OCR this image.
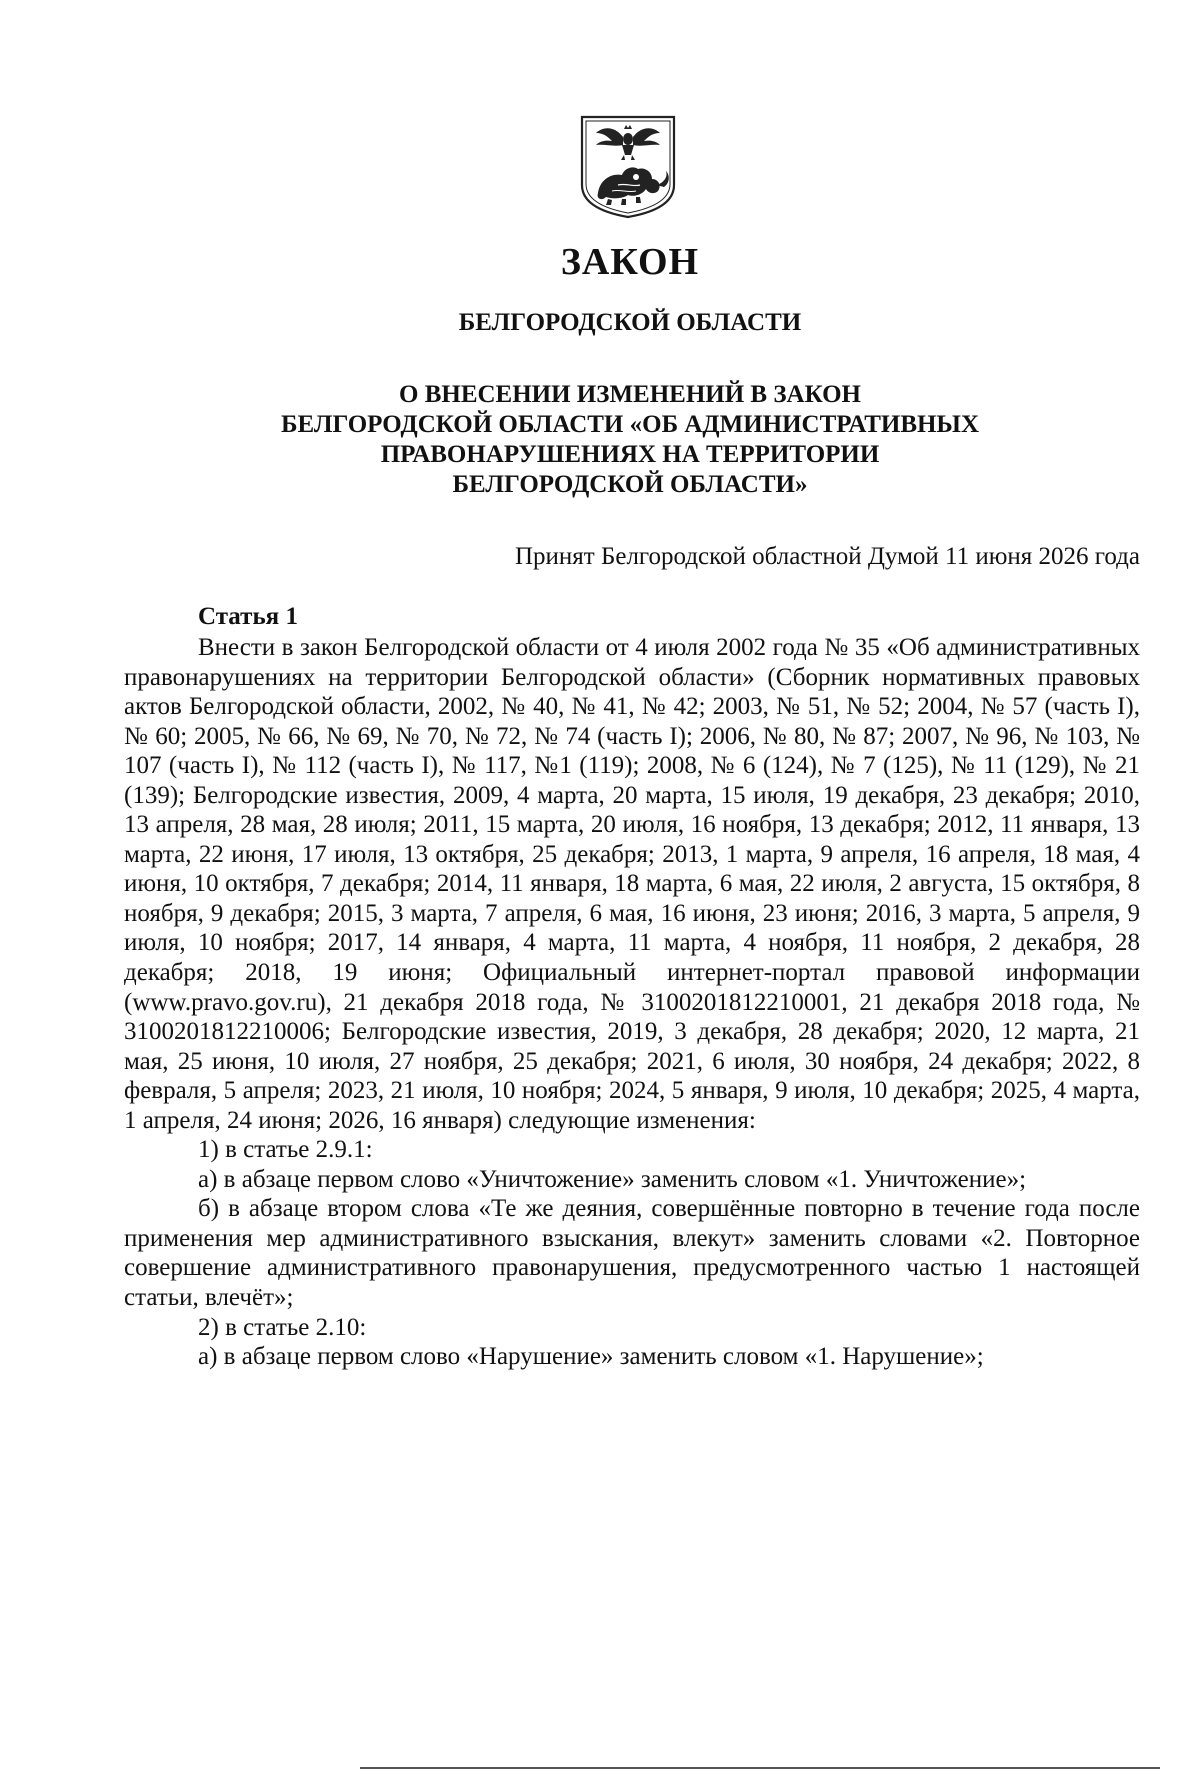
ЗАКОН
БЕЛГОРОДСКОЙ ОБЛАСТИ
О ВНЕСЕНИИ ИЗМЕНЕНИЙ В ЗАКОН
БЕЛГОРОДСКОЙ ОБЛАСТИ «ОБ АДМИНИСТРАТИВНЫХ
ПРАВОНАРУШЕНИЯХ НА ТЕРРИТОРИИ
БЕЛГОРОДСКОЙ ОБЛАСТИ»
Принят Белгородской областной Думой 11 июня 2026 года
Статья 1

Внести в закон Белгородской области от 4 июля 2002 года № 35 «Об административных правонарушениях на территории Белгородской области» (Сборник нормативных правовых актов Белгородской области, 2002, № 40, № 41, № 42; 2003, № 51, № 52; 2004, № 57 (часть I), № 60; 2005, № 66, № 69, № 70, № 72, № 74 (часть I); 2006, № 80, № 87; 2007, № 96, № 103, № 107 (часть I), № 112 (часть I), № 117, №1 (119); 2008, № 6 (124), № 7 (125), № 11 (129), № 21 (139); Белгородские известия, 2009, 4 марта, 20 марта, 15 июля, 19 декабря, 23 декабря; 2010, 13 апреля, 28 мая, 28 июля; 2011, 15 марта, 20 июля, 16 ноября, 13 декабря; 2012, 11 января, 13 марта, 22 июня, 17 июля, 13 октября, 25 декабря; 2013, 1 марта, 9 апреля, 16 апреля, 18 мая, 4 июня, 10 октября, 7 декабря; 2014, 11 января, 18 марта, 6 мая, 22 июля, 2 августа, 15 октября, 8 ноября, 9 декабря; 2015, 3 марта, 7 апреля, 6 мая, 16 июня, 23 июня; 2016, 3 марта, 5 апреля, 9 июля, 10 ноября; 2017, 14 января, 4 марта, 11 марта, 4 ноября, 11 ноября, 2 декабря, 28 декабря; 2018, 19 июня; Официальный интернет-портал правовой информации (www.pravo.gov.ru), 21 декабря 2018 года, № 3100201812210001, 21 декабря 2018 года, № 3100201812210006; Белгородские известия, 2019, 3 декабря, 28 декабря; 2020, 12 марта, 21 мая, 25 июня, 10 июля, 27 ноября, 25 декабря; 2021, 6 июля, 30 ноября, 24 декабря; 2022, 8 февраля, 5 апреля; 2023, 21 июля, 10 ноября; 2024, 5 января, 9 июля, 10 декабря; 2025, 4 марта, 1 апреля, 24 июня; 2026, 16 января) следующие изменения:

1) в статье 2.9.1:

а) в абзаце первом слово «Уничтожение» заменить словом «1. Уничтожение»;

б) в абзаце втором слова «Те же деяния, совершённые повторно в течение года после применения мер административного взыскания, влекут» заменить словами «2. Повторное совершение административного правонарушения, предусмотренного частью 1 настоящей статьи, влечёт»;

2) в статье 2.10:

а) в абзаце первом слово «Нарушение» заменить словом «1. Нарушение»;
